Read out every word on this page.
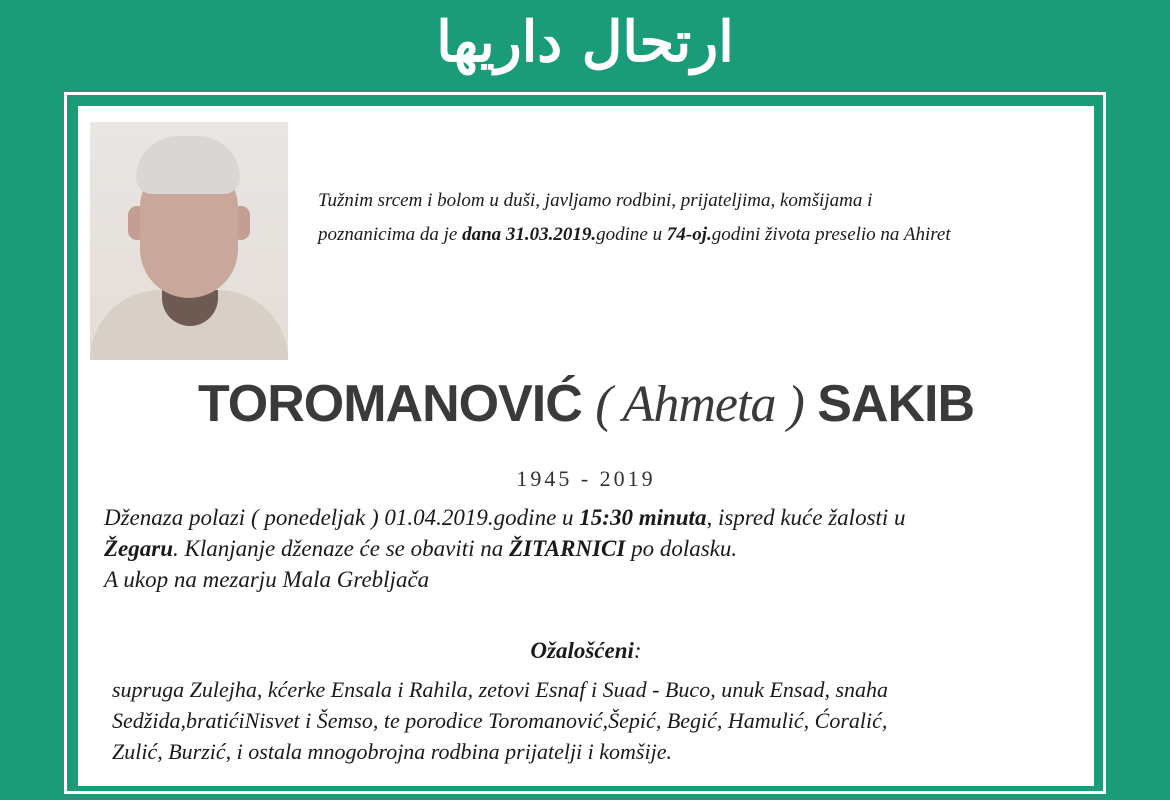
ارتحال داریها
Tužnim srcem i bolom u duši, javljamo rodbini, prijateljima, komšijama i
poznanicima da je dana 31.03.2019.godine u 74-oj.godini života preselio na Ahiret
TOROMANOVIĆ ( Ahmeta ) SAKIB
1945 - 2019
Dženaza polazi ( ponedeljak ) 01.04.2019.godine u 15:30 minuta, ispred kuće žalosti u
Žegaru. Klanjanje dženaze će se obaviti na ŽITARNICI po dolasku.
A ukop na mezarju Mala Grebljača
Ožalošćeni:
supruga Zulejha, kćerke Ensala i Rahila, zetovi Esnaf i Suad - Buco, unuk Ensad, snaha
Sedžida,bratićiNisvet i Šemso, te porodice Toromanović,Šepić, Begić, Hamulić, Ćoralić,
Zulić, Burzić, i ostala mnogobrojna rodbina prijatelji i komšije.
